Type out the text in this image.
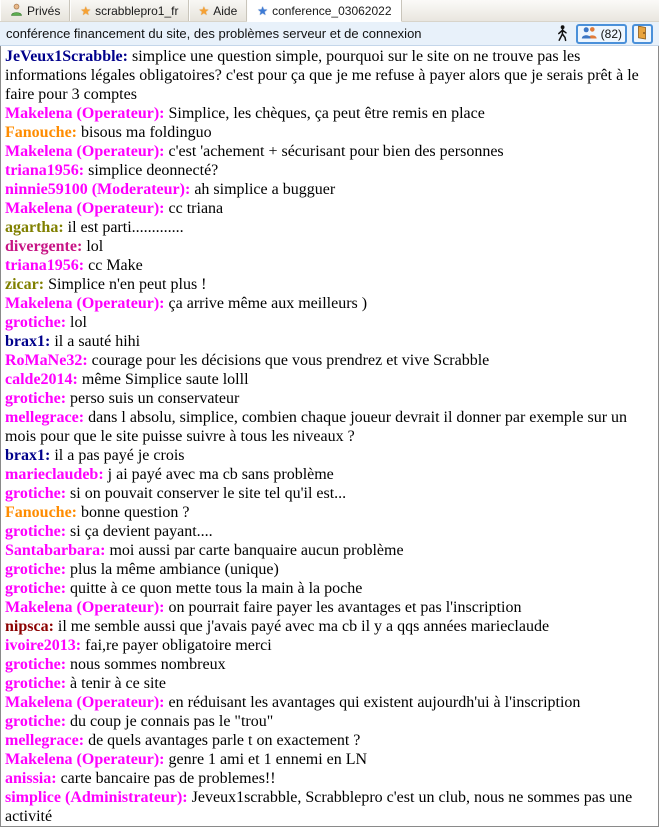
Privés ★ scrabblepro1_fr ★ Aide ★ conference_03062022
conférence financement du site, des problèmes serveur et de connexion	(82)
JeVeux1Scrabble: simplice une question simple, pourquoi sur le site on ne trouve pas les informations légales obligatoires? c'est pour ça que je me refuse à payer alors que je serais prêt à le faire pour 3 comptes
Makelena (Operateur): Simplice, les chèques, ça peut être remis en place
Fanouche: bisous ma foldinguo
Makelena (Operateur): c'est 'achement + sécurisant pour bien des personnes
triana1956: simplice deonnecté?
ninnie59100 (Moderateur): ah simplice a bugguer
Makelena (Operateur): cc triana
agartha: il est parti.............
divergente: lol
triana1956: cc Make
zicar: Simplice n'en peut plus !
Makelena (Operateur): ça arrive même aux meilleurs )
grotiche: lol
brax1: il a sauté hihi
RoMaNe32: courage pour les décisions que vous prendrez et vive Scrabble
calde2014: même Simplice saute lolll
grotiche: perso suis un conservateur
mellegrace: dans l absolu, simplice, combien chaque joueur devrait il donner par exemple sur un mois pour que le site puisse suivre à tous les niveaux ?
brax1: il a pas payé je crois
marieclaudeb: j ai payé avec ma cb sans problème
grotiche: si on pouvait conserver le site tel qu'il est...
Fanouche: bonne question ?
grotiche: si ça devient payant....
Santabarbara: moi aussi par carte banquaire aucun problème
grotiche: plus la même ambiance (unique)
grotiche: quitte à ce quon mette tous la main à la poche
Makelena (Operateur): on pourrait faire payer les avantages et pas l'inscription
nipsca: il me semble aussi que j'avais payé avec ma cb il y a qqs années marieclaude
ivoire2013: fai,re payer obligatoire merci
grotiche: nous sommes nombreux
grotiche: à tenir à ce site
Makelena (Operateur): en réduisant les avantages qui existent aujourdh'ui à l'inscription
grotiche: du coup je connais pas le "trou"
mellegrace: de quels avantages parle t on exactement ?
Makelena (Operateur): genre 1 ami et 1 ennemi en LN
anissia: carte bancaire pas de problemes!!
simplice (Administrateur): Jeveux1scrabble, Scrabblepro c'est un club, nous ne sommes pas une activité
